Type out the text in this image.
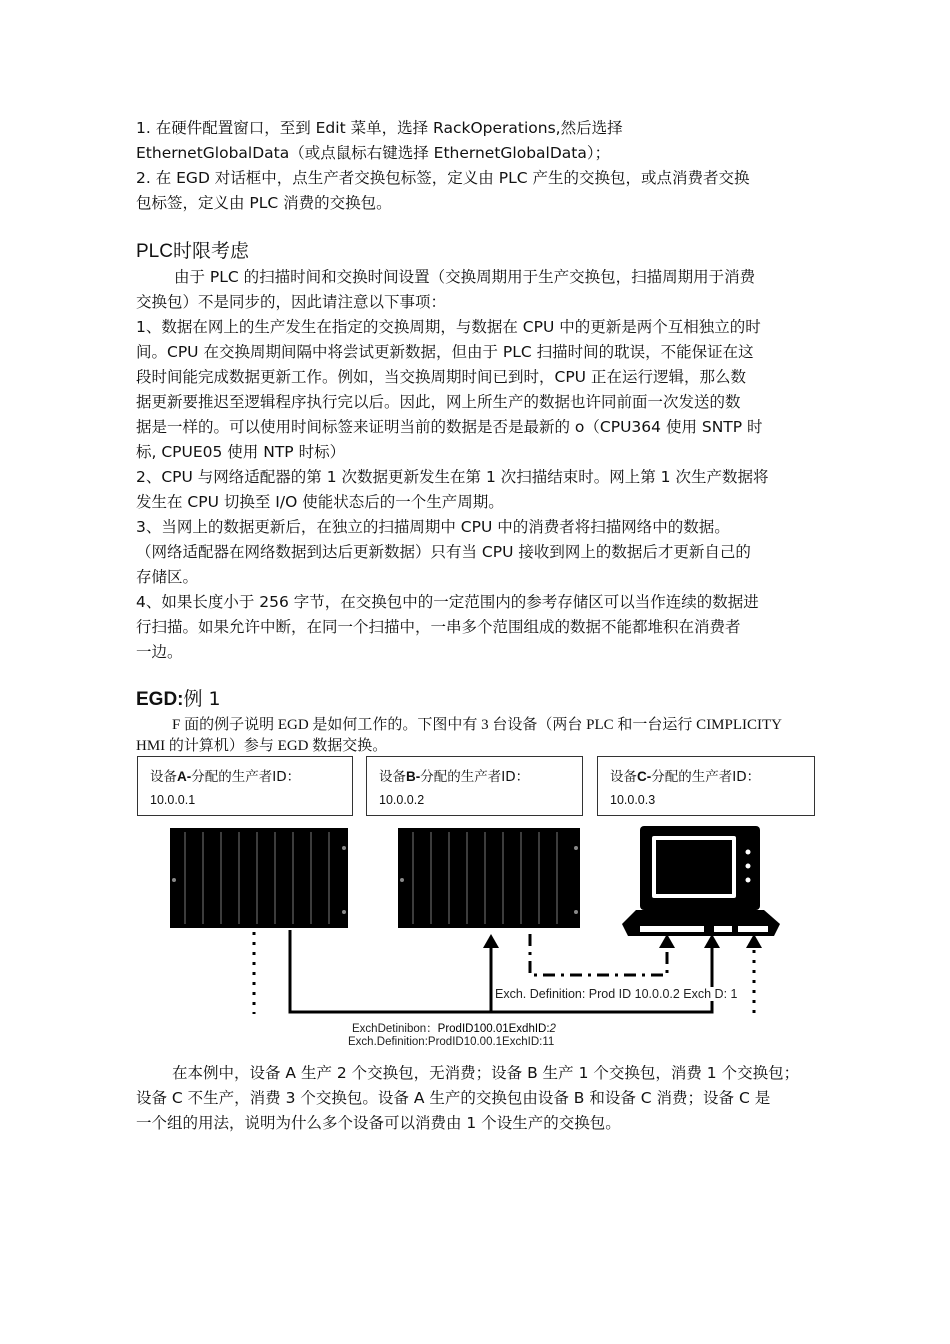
1. 在硬件配置窗口，至到 Edit 菜单，选择 RackOperations,然后选择
EthernetGlobalData（或点鼠标右键选择 EthernetGlobalData）；
2. 在 EGD 对话框中，点生产者交换包标签，定义由 PLC 产生的交换包，或点消费者交换
包标签，定义由 PLC 消费的交换包。
PLC时限考虑
由于 PLC 的扫描时间和交换时间设置（交换周期用于生产交换包，扫描周期用于消费
交换包）不是同步的，因此请注意以下事项：
1、数据在网上的生产发生在指定的交换周期，与数据在 CPU 中的更新是两个互相独立的时
间。CPU 在交换周期间隔中将尝试更新数据，但由于 PLC 扫描时间的耽误，不能保证在这
段时间能完成数据更新工作。例如，当交换周期时间已到时，CPU 正在运行逻辑，那么数
据更新要推迟至逻辑程序执行完以后。因此，网上所生产的数据也许同前面一次发送的数
据是一样的。可以使用时间标签来证明当前的数据是否是最新的 o（CPU364 使用 SNTP 时
标, CPUE05 使用 NTP 时标）
2、CPU 与网络适配器的第 1 次数据更新发生在第 1 次扫描结束时。网上第 1 次生产数据将
发生在 CPU 切换至 I/O 使能状态后的一个生产周期。
3、当网上的数据更新后，在独立的扫描周期中 CPU 中的消费者将扫描网络中的数据。
（网络适配器在网络数据到达后更新数据）只有当 CPU 接收到网上的数据后才更新自己的
存储区。
4、如果长度小于 256 字节，在交换包中的一定范围内的参考存储区可以当作连续的数据进
行扫描。如果允许中断，在同一个扫描中，一串多个范围组成的数据不能都堆积在消费者
一边。
EGD:例 1
F 面的例子说明 EGD 是如何工作的。下图中有 3 台设备（两台 PLC 和一台运行 CIMPLICITY
HMI 的计算机）参与 EGD 数据交换。
设备A-分配的生产者ID：
10.0.0.1
设备B-分配的生产者ID：
10.0.0.2
设备C-分配的生产者ID：
10.0.0.3
Exch. Definition: Prod ID 10.0.0.2 Exch D: 1
ExchDetinibon：ProdID100.01ExdhID:2
Exch.Definition:ProdID10.00.1ExchID:11
在本例中，设备 A 生产 2 个交换包，无消费；设备 B 生产 1 个交换包，消费 1 个交换包；
设备 C 不生产，消费 3 个交换包。设备 A 生产的交换包由设备 B 和设备 C 消费；设备 C 是
一个组的用法，说明为什么多个设备可以消费由 1 个设生产的交换包。
